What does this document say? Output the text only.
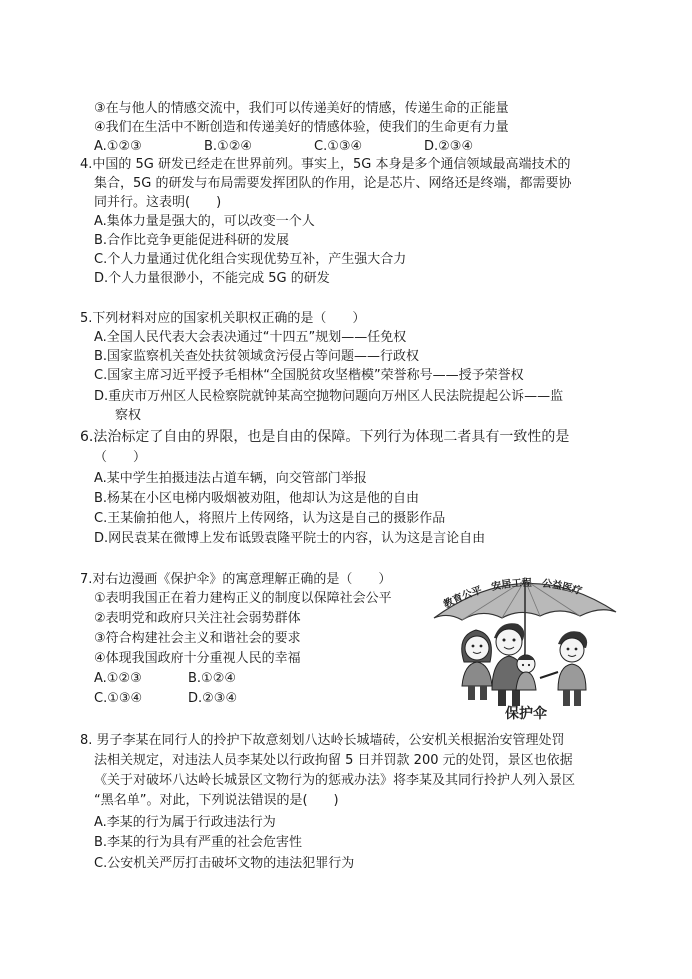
③在与他人的情感交流中，我们可以传递美好的情感，传递生命的正能量
④我们在生活中不断创造和传递美好的情感体验，使我们的生命更有力量
A.①②③	B.①②④	C.①③④	D.②③④
4.中国的 5G 研发已经走在世界前列。事实上，5G 本身是多个通信领域最高端技术的
集合，5G 的研发与布局需要发挥团队的作用，论是芯片、网络还是终端，都需要协
同并行。这表明(　　)
A.集体力量是强大的，可以改变一个人
B.合作比竞争更能促进科研的发展
C.个人力量通过优化组合实现优势互补，产生强大合力
D.个人力量很渺小，不能完成 5G 的研发
5.下列材料对应的国家机关职权正确的是（　　）
A.全国人民代表大会表决通过“十四五”规划——任免权
B.国家监察机关查处扶贫领域贪污侵占等问题——行政权
C.国家主席习近平授予毛相林“全国脱贫攻坚楷模”荣誉称号——授予荣誉权
D.重庆市万州区人民检察院就钟某高空抛物问题向万州区人民法院提起公诉——监
察权
6.法治标定了自由的界限，也是自由的保障。下列行为体现二者具有一致性的是
（　　）
A.某中学生拍摄违法占道车辆，向交管部门举报
B.杨某在小区电梯内吸烟被劝阻，他却认为这是他的自由
C.王某偷拍他人，将照片上传网络，认为这是自己的摄影作品
D.网民袁某在微博上发布诋毁袁隆平院士的内容，认为这是言论自由
7.对右边漫画《保护伞》的寓意理解正确的是（　　）
①表明我国正在着力建构正义的制度以保障社会公平
②表明党和政府只关注社会弱势群体
③符合构建社会主义和谐社会的要求
④体现我国政府十分重视人民的幸福
A.①②③	B.①②④
C.①③④	D.②③④
教育公平　安居工程　公益医疗
保护伞
8. 男子李某在同行人的拎护下故意刻划八达岭长城墙砖，公安机关根据治安管理处罚
法相关规定，对违法人员李某处以行政拘留 5 日并罚款 200 元的处罚，景区也依据
《关于对破坏八达岭长城景区文物行为的惩戒办法》将李某及其同行拎护人列入景区
“黑名单”。对此，下列说法错误的是(　　)
A.李某的行为属于行政违法行为
B.李某的行为具有严重的社会危害性
C.公安机关严厉打击破坏文物的违法犯罪行为
